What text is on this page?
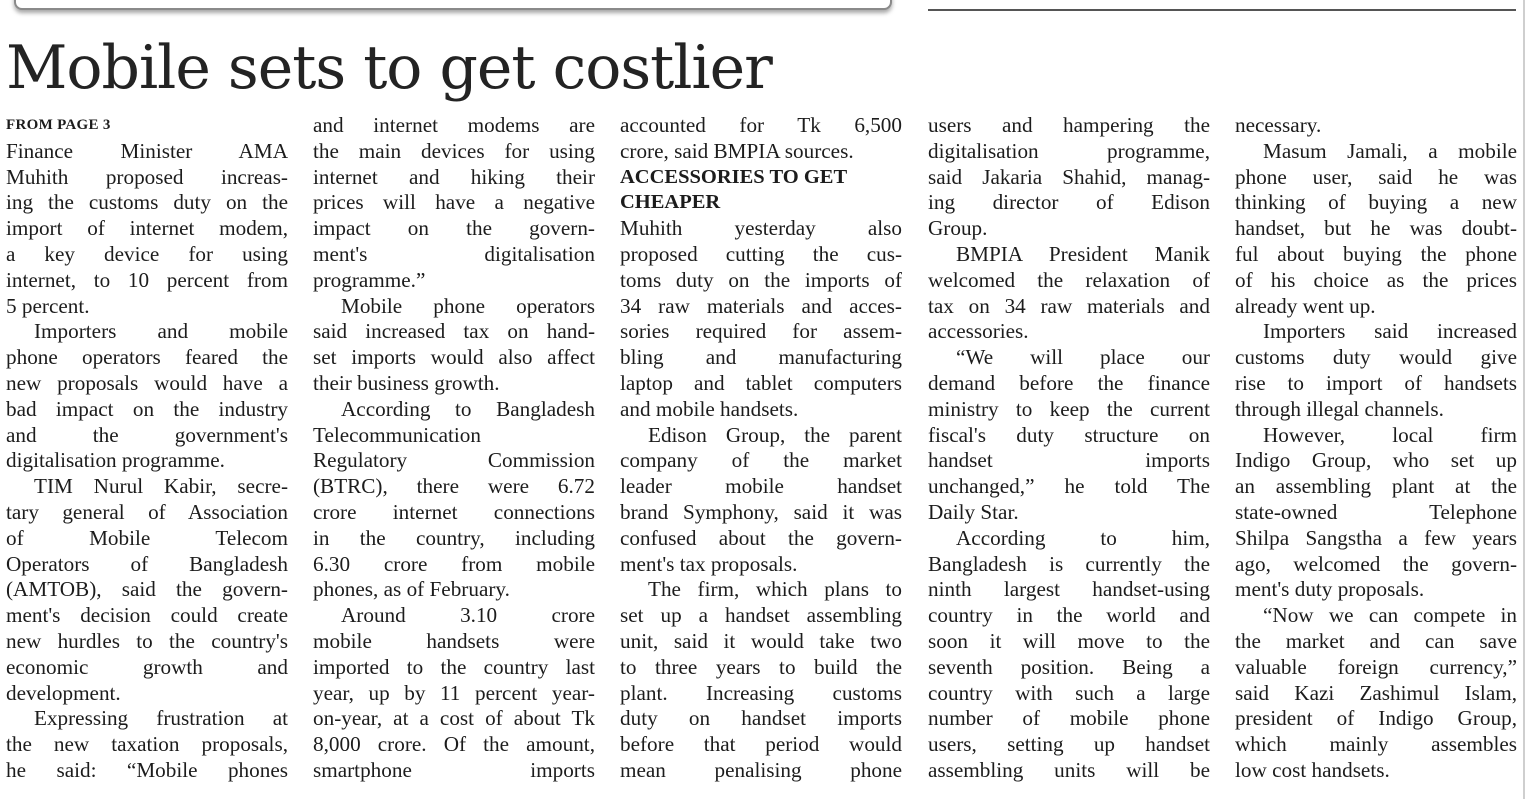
Mobile sets to get costlier
FROM PAGE 3
Finance Minister AMA
Muhith proposed increas-
ing the customs duty on the
import of internet modem,
a key device for using
internet, to 10 percent from
5 percent.
Importers and mobile
phone operators feared the
new proposals would have a
bad impact on the industry
and the government's
digitalisation programme.
TIM Nurul Kabir, secre-
tary general of Association
of Mobile Telecom
Operators of Bangladesh
(AMTOB), said the govern-
ment's decision could create
new hurdles to the country's
economic growth and
development.
Expressing frustration at
the new taxation proposals,
he said: “Mobile phones
and internet modems are
the main devices for using
internet and hiking their
prices will have a negative
impact on the govern-
ment's digitalisation
programme.”
Mobile phone operators
said increased tax on hand-
set imports would also affect
their business growth.
According to Bangladesh
Telecommunication
Regulatory Commission
(BTRC), there were 6.72
crore internet connections
in the country, including
6.30 crore from mobile
phones, as of February.
Around 3.10 crore
mobile handsets were
imported to the country last
year, up by 11 percent year-
on-year, at a cost of about Tk
8,000 crore. Of the amount,
smartphone imports
accounted for Tk 6,500
crore, said BMPIA sources.
ACCESSORIES TO GET
CHEAPER
Muhith yesterday also
proposed cutting the cus-
toms duty on the imports of
34 raw materials and acces-
sories required for assem-
bling and manufacturing
laptop and tablet computers
and mobile handsets.
Edison Group, the parent
company of the market
leader mobile handset
brand Symphony, said it was
confused about the govern-
ment's tax proposals.
The firm, which plans to
set up a handset assembling
unit, said it would take two
to three years to build the
plant. Increasing customs
duty on handset imports
before that period would
mean penalising phone
users and hampering the
digitalisation programme,
said Jakaria Shahid, manag-
ing director of Edison
Group.
BMPIA President Manik
welcomed the relaxation of
tax on 34 raw materials and
accessories.
“We will place our
demand before the finance
ministry to keep the current
fiscal's duty structure on
handset imports
unchanged,” he told The
Daily Star.
According to him,
Bangladesh is currently the
ninth largest handset-using
country in the world and
soon it will move to the
seventh position. Being a
country with such a large
number of mobile phone
users, setting up handset
assembling units will be
necessary.
Masum Jamali, a mobile
phone user, said he was
thinking of buying a new
handset, but he was doubt-
ful about buying the phone
of his choice as the prices
already went up.
Importers said increased
customs duty would give
rise to import of handsets
through illegal channels.
However, local firm
Indigo Group, who set up
an assembling plant at the
state-owned Telephone
Shilpa Sangstha a few years
ago, welcomed the govern-
ment's duty proposals.
“Now we can compete in
the market and can save
valuable foreign currency,”
said Kazi Zashimul Islam,
president of Indigo Group,
which mainly assembles
low cost handsets.
